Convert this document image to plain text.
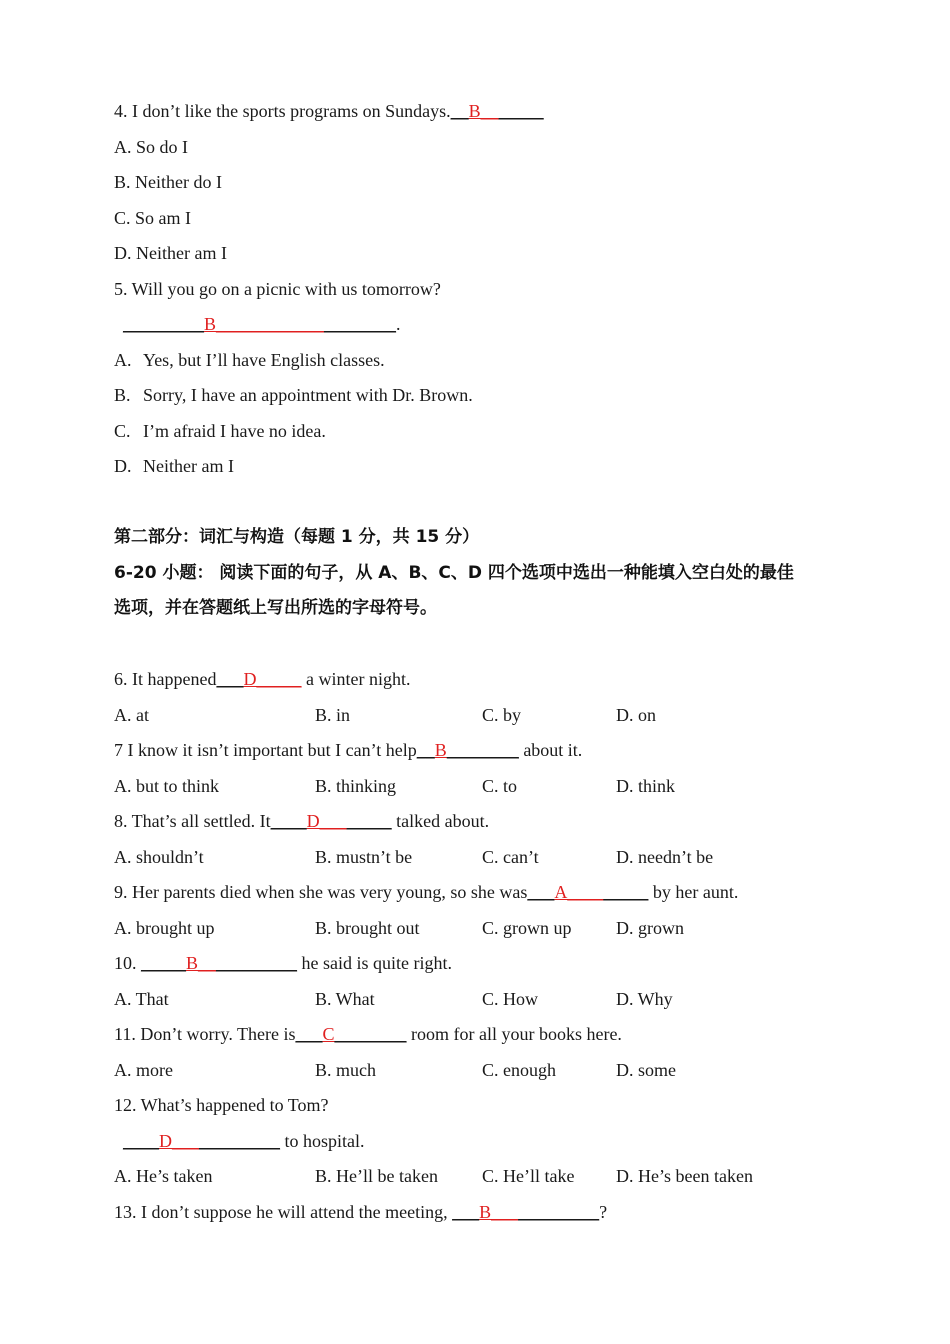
4. I don’t like the sports programs on Sundays.__B_______
A. So do I
B. Neither do I
C. So am I
D. Neither am I
5. Will you go on a picnic with us tomorrow?
_________B____________________.
A. Yes, but I’ll have English classes.
B. Sorry, I have an appointment with Dr. Brown.
C. I’m afraid I have no idea.
D. Neither am I
第二部分：词汇与构造（每题 1 分，共 15 分）
6-20 小题： 阅读下面的句子，从 A、B、C、D 四个选项中选出一种能填入空白处的最佳
选项，并在答题纸上写出所选的字母符号。
6. It happened___D_____ a winter night.
A. at	B. in	C. by	D. on
7 I know it isn’t important but I can’t help__B________ about it.
A. but to think	B. thinking	C. to	D. think
8. That’s all settled. It____D________ talked about.
A. shouldn’t	B. mustn’t be	C. can’t	D. needn’t be
9. Her parents died when she was very young, so she was___A_________ by her aunt.
A. brought up	B. brought out	C. grown up	D. grown
10. _____B___________ he said is quite right.
A. That	B. What	C. How	D. Why
11. Don’t worry. There is___C________ room for all your books here.
A. more	B. much	C. enough	D. some
12. What’s happened to Tom?
____D____________ to hospital.
A. He’s taken	B. He’ll be taken	C. He’ll take	D. He’s been taken
13. I don’t suppose he will attend the meeting, ___B____________?
